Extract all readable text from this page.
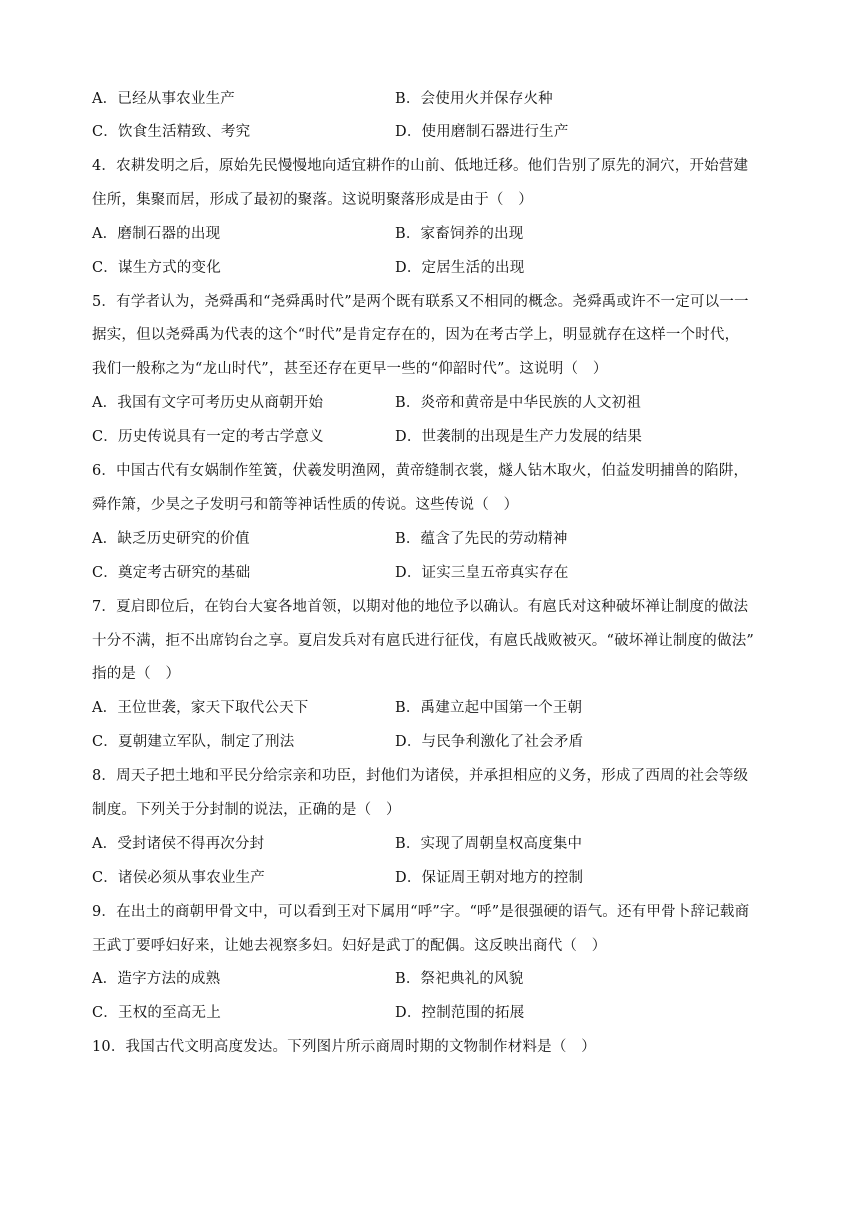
A．已经从事农业生产	B．会使用火并保存火种
C．饮食生活精致、考究	D．使用磨制石器进行生产
4．农耕发明之后，原始先民慢慢地向适宜耕作的山前、低地迁移。他们告别了原先的洞穴，开始营建
住所，集聚而居，形成了最初的聚落。这说明聚落形成是由于（　）
A．磨制石器的出现	B．家畜饲养的出现
C．谋生方式的变化	D．定居生活的出现
5．有学者认为，尧舜禹和“尧舜禹时代”是两个既有联系又不相同的概念。尧舜禹或许不一定可以一一
据实，但以尧舜禹为代表的这个“时代”是肯定存在的，因为在考古学上，明显就存在这样一个时代，
我们一般称之为“龙山时代”，甚至还存在更早一些的“仰韶时代”。这说明（　）
A．我国有文字可考历史从商朝开始	B．炎帝和黄帝是中华民族的人文初祖
C．历史传说具有一定的考古学意义	D．世袭制的出现是生产力发展的结果
6．中国古代有女娲制作笙簧，伏羲发明渔网，黄帝缝制衣裳，燧人钻木取火，伯益发明捕兽的陷阱，
舜作箫，少昊之子发明弓和箭等神话性质的传说。这些传说（　）
A．缺乏历史研究的价值	B．蕴含了先民的劳动精神
C．奠定考古研究的基础	D．证实三皇五帝真实存在
7．夏启即位后，在钧台大宴各地首领，以期对他的地位予以确认。有扈氏对这种破坏禅让制度的做法
十分不满，拒不出席钧台之享。夏启发兵对有扈氏进行征伐，有扈氏战败被灭。“破坏禅让制度的做法”
指的是（　）
A．王位世袭，家天下取代公天下	B．禹建立起中国第一个王朝
C．夏朝建立军队，制定了刑法	D．与民争利激化了社会矛盾
8．周天子把土地和平民分给宗亲和功臣，封他们为诸侯，并承担相应的义务，形成了西周的社会等级
制度。下列关于分封制的说法，正确的是（　）
A．受封诸侯不得再次分封	B．实现了周朝皇权高度集中
C．诸侯必须从事农业生产	D．保证周王朝对地方的控制
9．在出土的商朝甲骨文中，可以看到王对下属用“呼”字。“呼”是很强硬的语气。还有甲骨卜辞记载商
王武丁要呼妇好来，让她去视察多妇。妇好是武丁的配偶。这反映出商代（　）
A．造字方法的成熟	B．祭祀典礼的风貌
C．王权的至高无上	D．控制范围的拓展
10．我国古代文明高度发达。下列图片所示商周时期的文物制作材料是（　）
